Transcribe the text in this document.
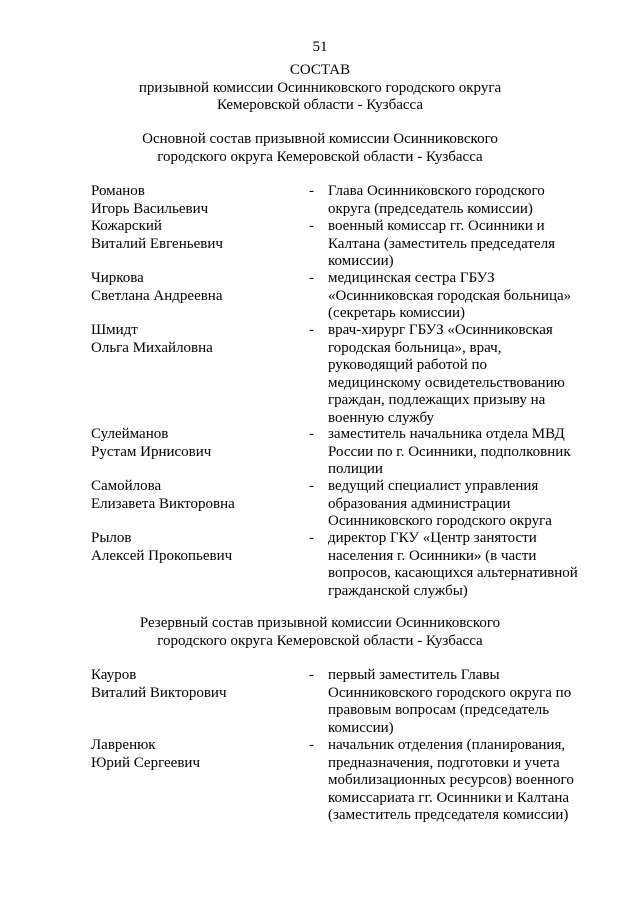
51
СОСТАВ
призывной комиссии Осинниковского городского округа
Кемеровской области - Кузбасса
Основной состав призывной комиссии Осинниковского
городского округа Кемеровской области - Кузбасса
Романов
Игорь Васильевич
- Глава Осинниковского городского
округа (председатель комиссии)
Кожарский
Виталий Евгеньевич
- военный комиссар гг. Осинники и
Калтана (заместитель председателя
комиссии)
Чиркова
Светлана Андреевна
- медицинская сестра ГБУЗ
«Осинниковская городская больница»
(секретарь комиссии)
Шмидт
Ольга Михайловна
- врач-хирург ГБУЗ «Осинниковская
городская больница», врач,
руководящий работой по
медицинскому освидетельствованию
граждан, подлежащих призыву на
военную службу
Сулейманов
Рустам Ирнисович
- заместитель начальника отдела МВД
России по г. Осинники, подполковник
полиции
Самойлова
Елизавета Викторовна
- ведущий специалист управления
образования администрации
Осинниковского городского округа
Рылов
Алексей Прокопьевич
- директор ГКУ «Центр занятости
населения г. Осинники» (в части
вопросов, касающихся альтернативной
гражданской службы)
Резервный состав призывной комиссии Осинниковского
городского округа Кемеровской области - Кузбасса
Кауров
Виталий Викторович
- первый заместитель Главы
Осинниковского городского округа по
правовым вопросам (председатель
комиссии)
Лавренюк
Юрий Сергеевич
- начальник отделения (планирования,
предназначения, подготовки и учета
мобилизационных ресурсов) военного
комиссариата гг. Осинники и Калтана
(заместитель председателя комиссии)
